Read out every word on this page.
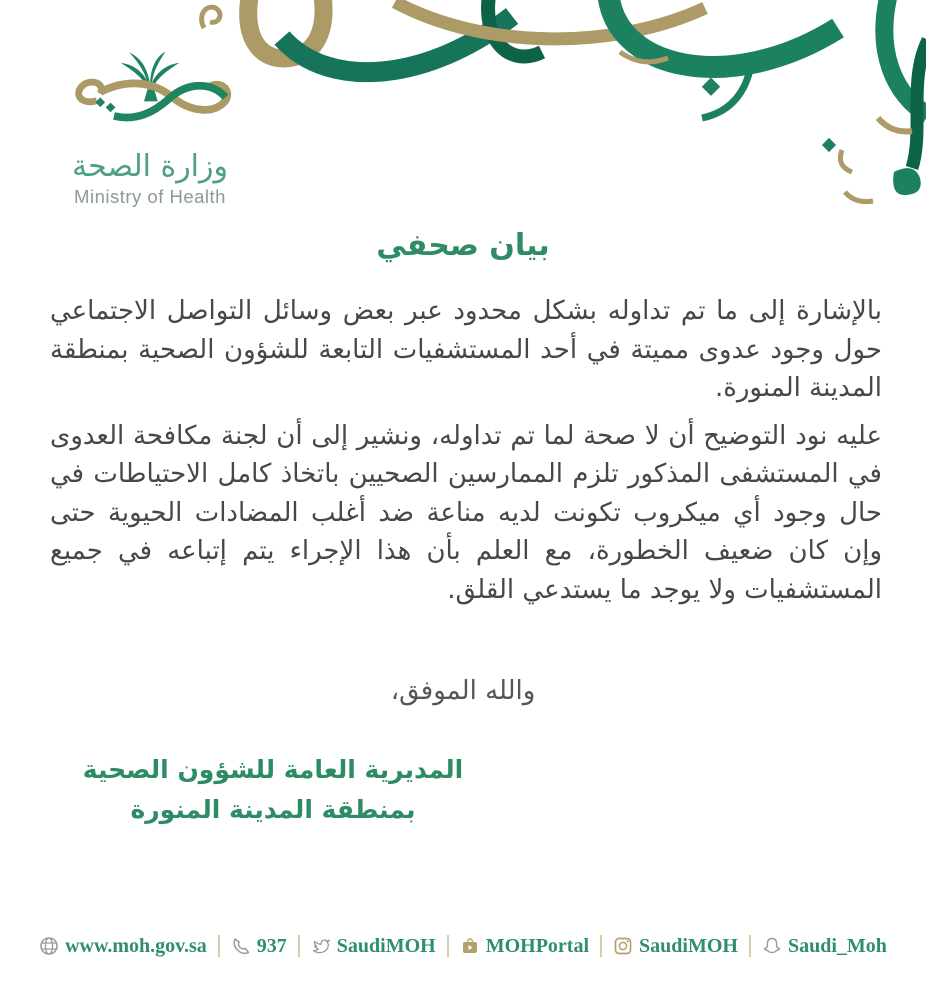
وزارة الصحة
Ministry of Health
بيان صحفي

بالإشارة إلى ما تم تداوله بشكل محدود عبر بعض وسائل التواصل الاجتماعي حول وجود عدوى مميتة في أحد المستشفيات التابعة للشؤون الصحية بمنطقة المدينة المنورة.

عليه نود التوضيح أن لا صحة لما تم تداوله، ونشير إلى أن لجنة مكافحة العدوى في المستشفى المذكور تلزم الممارسين الصحيين باتخاذ كامل الاحتياطات في حال وجود أي ميكروب تكونت لديه مناعة ضد أغلب المضادات الحيوية حتى وإن كان ضعيف الخطورة، مع العلم بأن هذا الإجراء يتم إتباعه في جميع المستشفيات ولا يوجد ما يستدعي القلق.

والله الموفق،
المديرية العامة للشؤون الصحية
بمنطقة المدينة المنورة
www.moh.gov.sa	937	SaudiMOH	MOHPortal	SaudiMOH	Saudi_Moh
